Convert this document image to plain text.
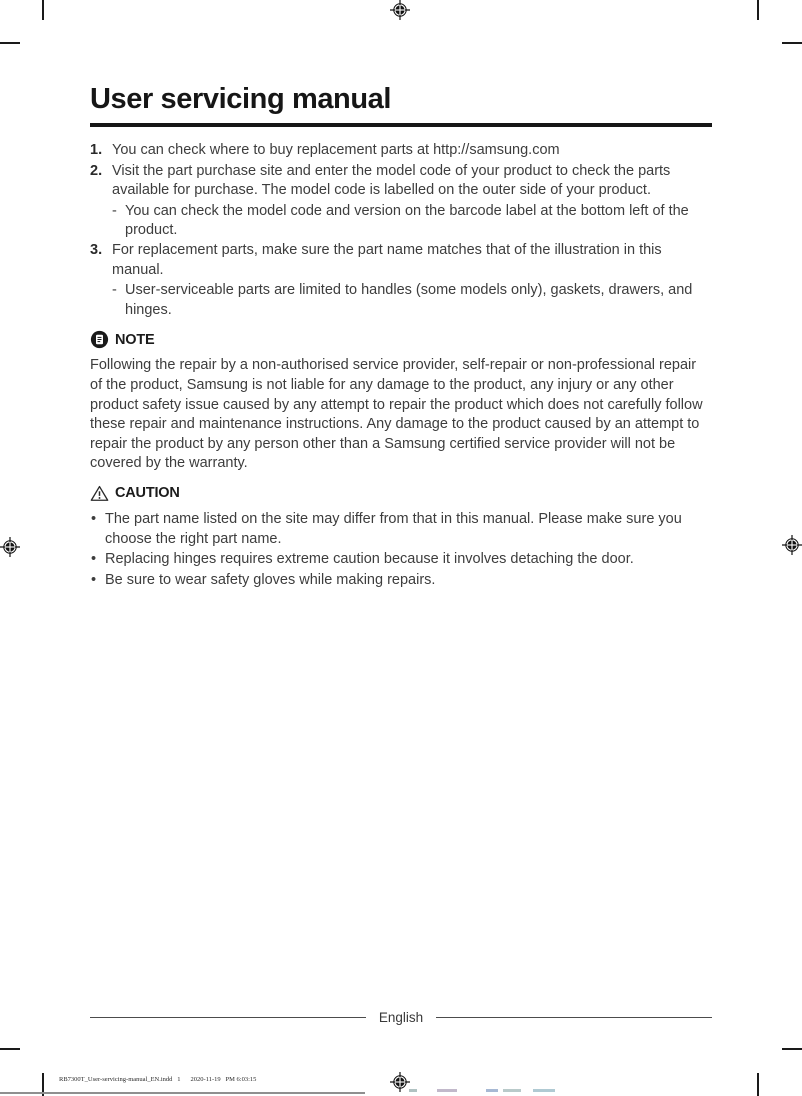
User servicing manual
1. You can check where to buy replacement parts at http://samsung.com
2. Visit the part purchase site and enter the model code of your product to check the parts available for purchase. The model code is labelled on the outer side of your product.
- You can check the model code and version on the barcode label at the bottom left of the product.
3. For replacement parts, make sure the part name matches that of the illustration in this manual.
- User-serviceable parts are limited to handles (some models only), gaskets, drawers, and hinges.
NOTE

Following the repair by a non-authorised service provider, self-repair or non-professional repair of the product, Samsung is not liable for any damage to the product, any injury or any other product safety issue caused by any attempt to repair the product which does not carefully follow these repair and maintenance instructions. Any damage to the product caused by an attempt to repair the product by any person other than a Samsung certified service provider will not be covered by the warranty.

CAUTION
• The part name listed on the site may differ from that in this manual. Please make sure you choose the right part name.
• Replacing hinges requires extreme caution because it involves detaching the door.
• Be sure to wear safety gloves while making repairs.
English
RB7300T_User-servicing-manual_EN.indd   1 2020-11-19   PM 6:03:15
